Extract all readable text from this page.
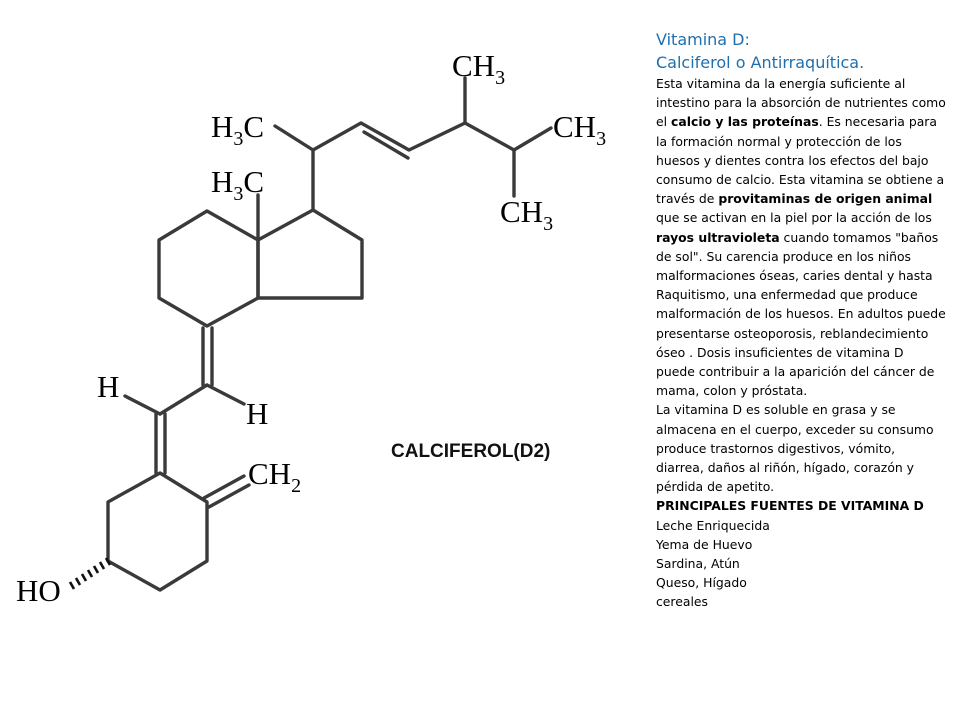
$CH_3$
$H_3C$	$CH_3$
$H_3C$
$CH_3$
H
H
$CH_2$
HO
CALCIFEROL(D2)
Vitamina D:
Calciferol o Antirraquítica.

Esta vitamina da la energía suficiente al intestino para la absorción de nutrientes como el calcio y las proteínas. Es necesaria para la formación normal y protección de los huesos y dientes contra los efectos del bajo consumo de calcio. Esta vitamina se obtiene a través de provitaminas de origen animal que se activan en la piel por la acción de los rayos ultravioleta cuando tomamos "baños de sol". Su carencia produce en los niños malformaciones óseas, caries dental y hasta Raquitismo, una enfermedad que produce malformación de los huesos. En adultos puede presentarse osteoporosis, reblandecimiento óseo . Dosis insuficientes de vitamina D puede contribuir a la aparición del cáncer de mama, colon y próstata.

La vitamina D es soluble en grasa y se almacena en el cuerpo, exceder su consumo produce trastornos digestivos, vómito, diarrea, daños al riñón, hígado, corazón y pérdida de apetito.

PRINCIPALES FUENTES DE VITAMINA D
Leche Enriquecida
Yema de Huevo
Sardina, Atún
Queso, Hígado
cereales
